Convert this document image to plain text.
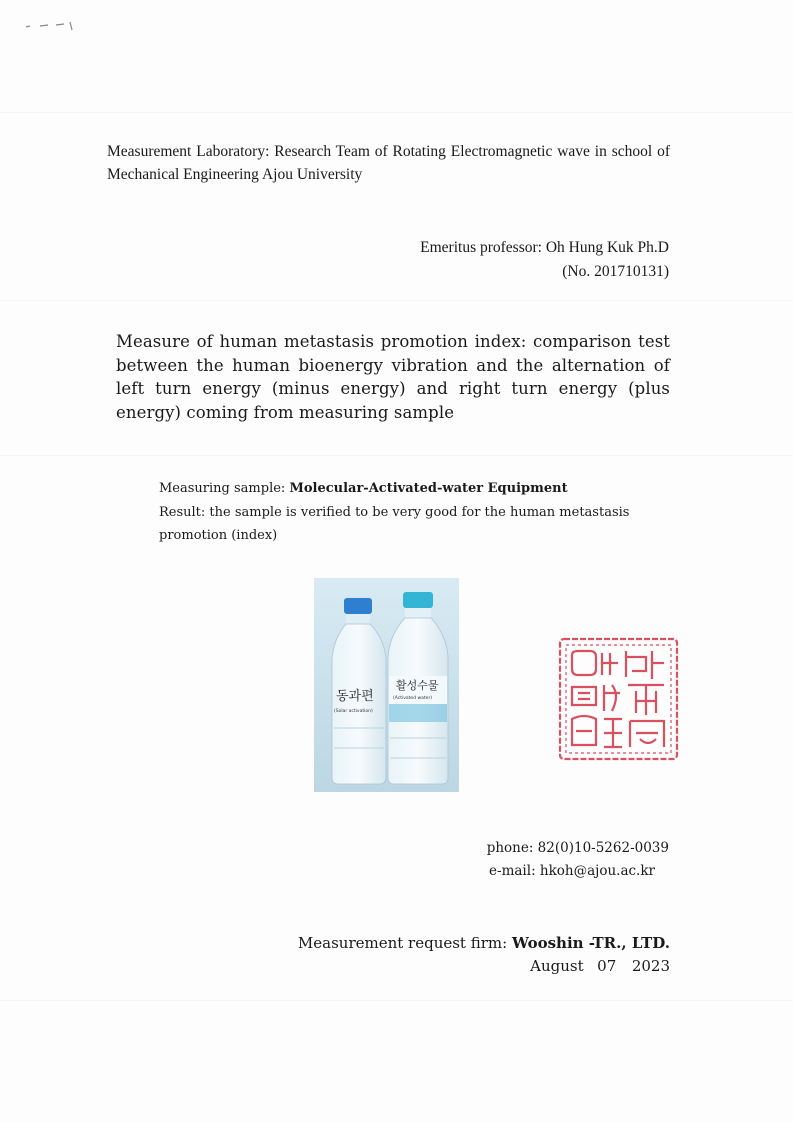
Measurement Laboratory: Research Team of Rotating Electromagnetic wave in school of Mechanical Engineering Ajou University
Emeritus professor: Oh Hung Kuk Ph.D
(No. 201710131)
Measure of human metastasis promotion index: comparison test between the human bioenergy vibration and the alternation of left turn energy (minus energy) and right turn energy (plus energy) coming from measuring sample
Measuring sample: Molecular-Activated-water Equipment
Result: the sample is verified to be very good for the human metastasis promotion (index)
동과편
(Solar activation)
활성수물
(Activated water)
phone: 82(0)10-5262-0039
e-mail: hkoh@ajou.ac.kr
Measurement request firm: Wooshin -TR., LTD.
August 07 2023
